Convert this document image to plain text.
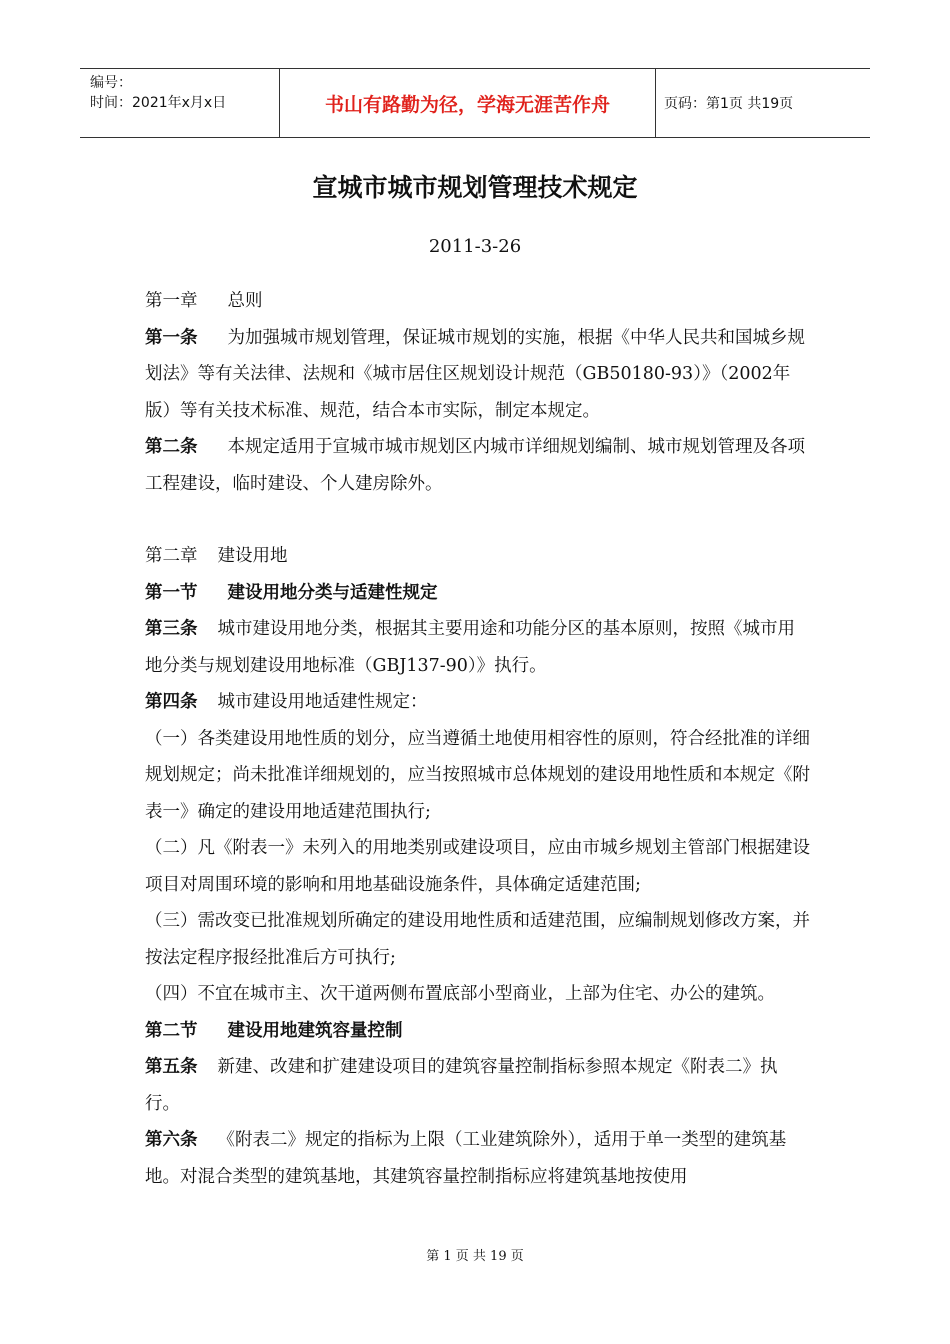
编号：
时间：2021年x月x日	书山有路勤为径，学海无涯苦作舟	页码：第1页 共19页
宣城市城市规划管理技术规定
2011-3-26

第一章 总则

第一条 为加强城市规划管理，保证城市规划的实施，根据《中华人民共和国城乡规划法》等有关法律、法规和《城市居住区规划设计规范（GB50180-93）》（2002年版）等有关技术标准、规范，结合本市实际，制定本规定。

第二条 本规定适用于宣城市城市规划区内城市详细规划编制、城市规划管理及各项工程建设，临时建设、个人建房除外。

第二章 建设用地

第一节 建设用地分类与适建性规定

第三条 城市建设用地分类，根据其主要用途和功能分区的基本原则，按照《城市用地分类与规划建设用地标准（GBJ137-90）》执行。

第四条 城市建设用地适建性规定：

（一）各类建设用地性质的划分，应当遵循土地使用相容性的原则，符合经批准的详细规划规定；尚未批准详细规划的，应当按照城市总体规划的建设用地性质和本规定《附表一》确定的建设用地适建范围执行;

（二）凡《附表一》未列入的用地类别或建设项目，应由市城乡规划主管部门根据建设项目对周围环境的影响和用地基础设施条件，具体确定适建范围;

（三）需改变已批准规划所确定的建设用地性质和适建范围，应编制规划修改方案，并按法定程序报经批准后方可执行;

（四）不宜在城市主、次干道两侧布置底部小型商业，上部为住宅、办公的建筑。

第二节 建设用地建筑容量控制

第五条 新建、改建和扩建建设项目的建筑容量控制指标参照本规定《附表二》执行。

第六条 《附表二》规定的指标为上限（工业建筑除外），适用于单一类型的建筑基地。对混合类型的建筑基地，其建筑容量控制指标应将建筑基地按使用

第 1 页 共 19 页
